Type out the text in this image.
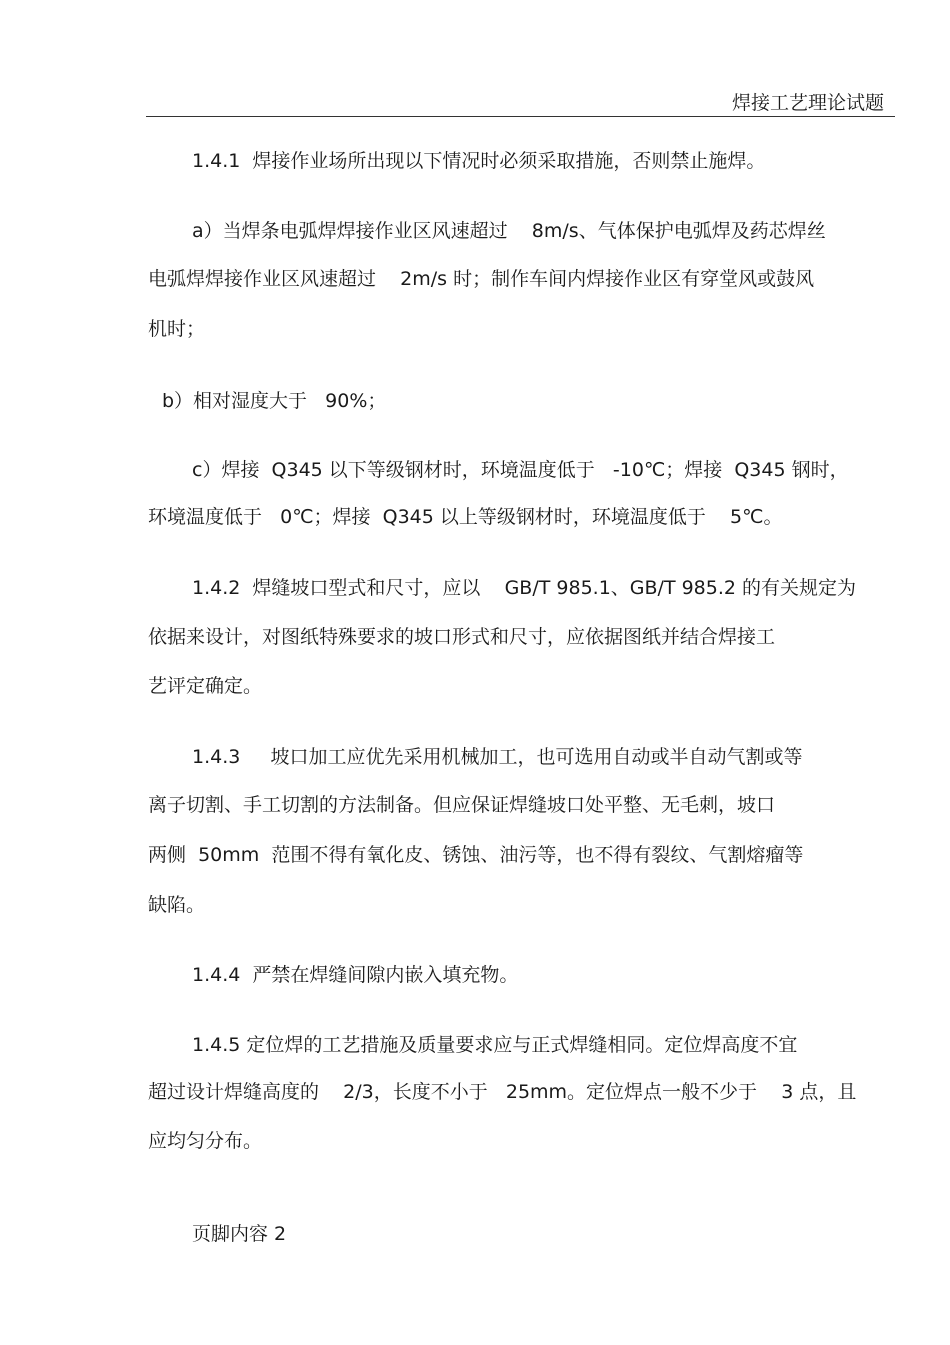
焊接工艺理论试题
1.4.1  焊接作业场所出现以下情况时必须采取措施，否则禁止施焊。
a）当焊条电弧焊焊接作业区风速超过    8m/s、气体保护电弧焊及药芯焊丝
电弧焊焊接作业区风速超过    2m/s 时；制作车间内焊接作业区有穿堂风或鼓风
机时；
b）相对湿度大于   90%；
c）焊接  Q345 以下等级钢材时，环境温度低于   -10℃；焊接  Q345 钢时，
环境温度低于   0℃；焊接  Q345 以上等级钢材时，环境温度低于    5℃。
1.4.2  焊缝坡口型式和尺寸，应以    GB/T 985.1、GB/T 985.2 的有关规定为
依据来设计，对图纸特殊要求的坡口形式和尺寸，应依据图纸并结合焊接工
艺评定确定。
1.4.3     坡口加工应优先采用机械加工，也可选用自动或半自动气割或等
离子切割、手工切割的方法制备。但应保证焊缝坡口处平整、无毛刺，坡口
两侧  50mm  范围不得有氧化皮、锈蚀、油污等，也不得有裂纹、气割熔瘤等
缺陷。
1.4.4  严禁在焊缝间隙内嵌入填充物。
1.4.5 定位焊的工艺措施及质量要求应与正式焊缝相同。定位焊高度不宜
超过设计焊缝高度的    2/3，长度不小于   25mm。定位焊点一般不少于    3 点，且
应均匀分布。
页脚内容 2
